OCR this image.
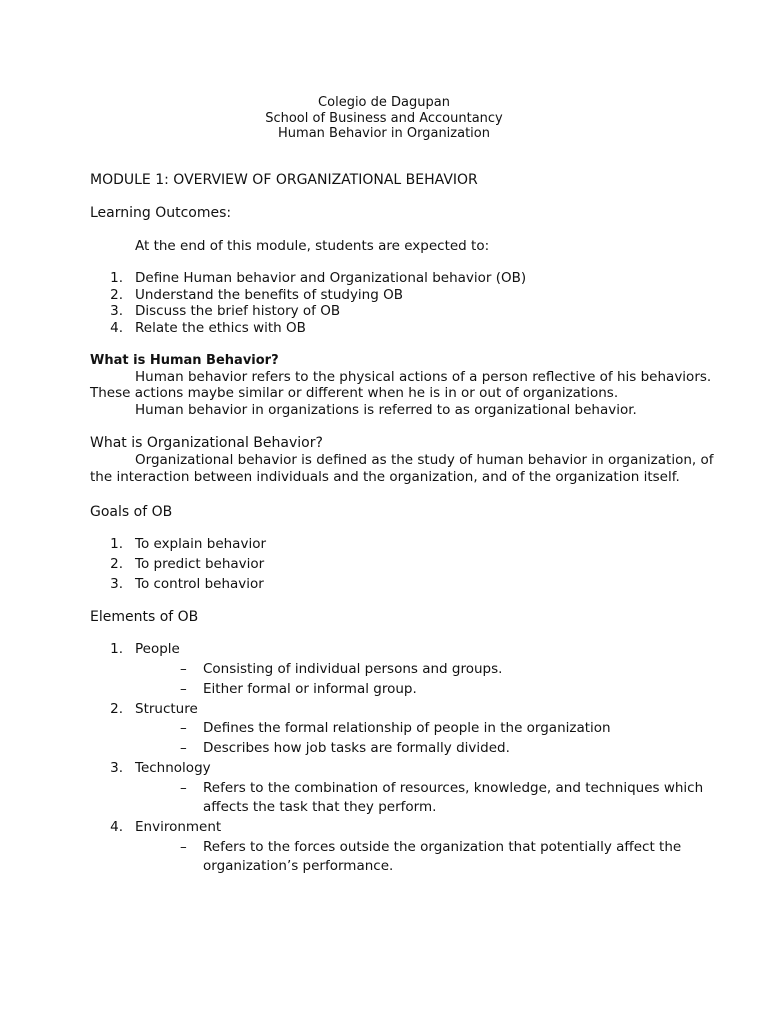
Colegio de Dagupan
School of Business and Accountancy
Human Behavior in Organization
MODULE 1: OVERVIEW OF ORGANIZATIONAL BEHAVIOR
Learning Outcomes:
At the end of this module, students are expected to:
1. Define Human behavior and Organizational behavior (OB)
2. Understand the benefits of studying OB
3. Discuss the brief history of OB
4. Relate the ethics with OB
What is Human Behavior?
Human behavior refers to the physical actions of a person reflective of his behaviors.
These actions maybe similar or different when he is in or out of organizations.
Human behavior in organizations is referred to as organizational behavior.
What is Organizational Behavior?
Organizational behavior is defined as the study of human behavior in organization, of
the interaction between individuals and the organization, and of the organization itself.
Goals of OB
1. To explain behavior
2. To predict behavior
3. To control behavior
Elements of OB
1. People
– Consisting of individual persons and groups.
– Either formal or informal group.
2. Structure
– Defines the formal relationship of people in the organization
– Describes how job tasks are formally divided.
3. Technology
– Refers to the combination of resources, knowledge, and techniques which
affects the task that they perform.
4. Environment
– Refers to the forces outside the organization that potentially affect the
organization’s performance.
